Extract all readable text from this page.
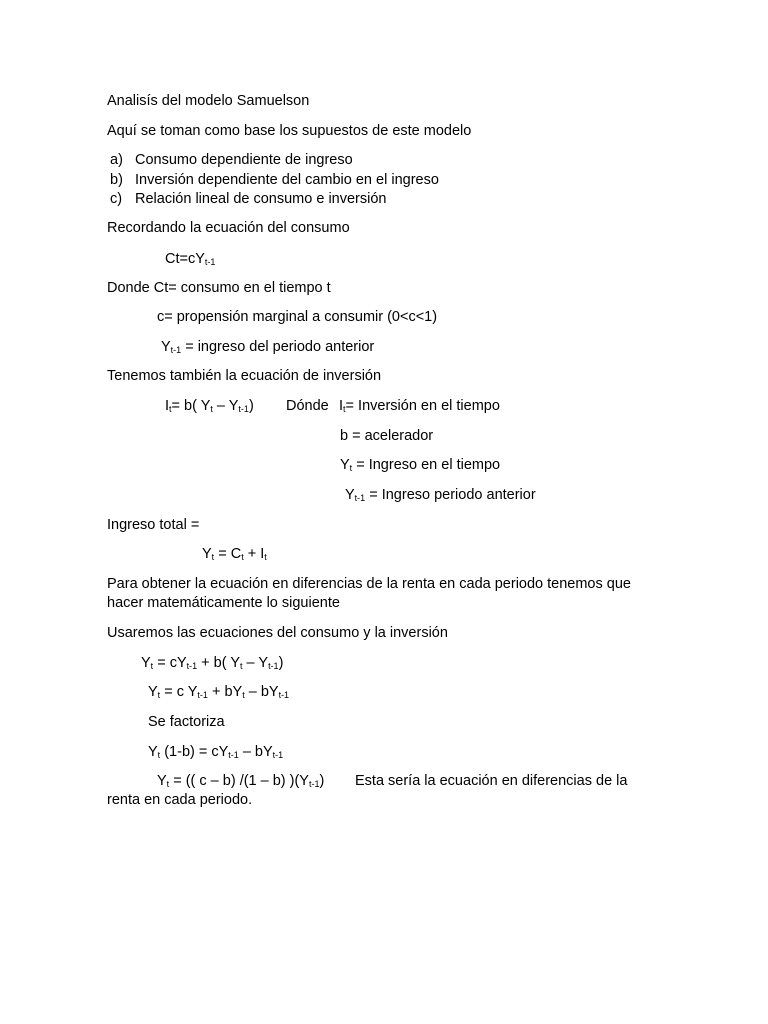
Analisís del modelo Samuelson
Aquí se toman como base los supuestos de este modelo
a) Consumo dependiente de ingreso
b) Inversión dependiente del cambio en el ingreso
c) Relación lineal de consumo e inversión
Recordando la ecuación del consumo
$Ct=cY_{t-1}$
Donde Ct= consumo en el tiempo t
c= propensión marginal a consumir (0<c<1)
$Y_{t-1}$ = ingreso del periodo anterior
Tenemos también la ecuación de inversión
$I_t= b$( $Y_t - Y_{t-1}$) Dónde $I_t=$ Inversión en el tiempo
b = acelerador
$Y_t$ = Ingreso en el tiempo
$Y_{t-1}$ = Ingreso periodo anterior
Ingreso total =
$Y_t = C_t + I_t$
Para obtener la ecuación en diferencias de la renta en cada periodo tenemos que hacer matemáticamente lo siguiente
Usaremos las ecuaciones del consumo y la inversión
$Y_t = cY_{t-1} + b$( $Y_t - Y_{t-1}$)
$Y_t = c$ $Y_{t-1} + bY_t - bY_{t-1}$
Se factoriza
$Y_t$ $(1-b) = cY_{t-1} - bY_{t-1}$
$Y_t$ = (( c – b) /(1 – b) )$(Y_{t-1})$ Esta sería la ecuación en diferencias de la
renta en cada periodo.
